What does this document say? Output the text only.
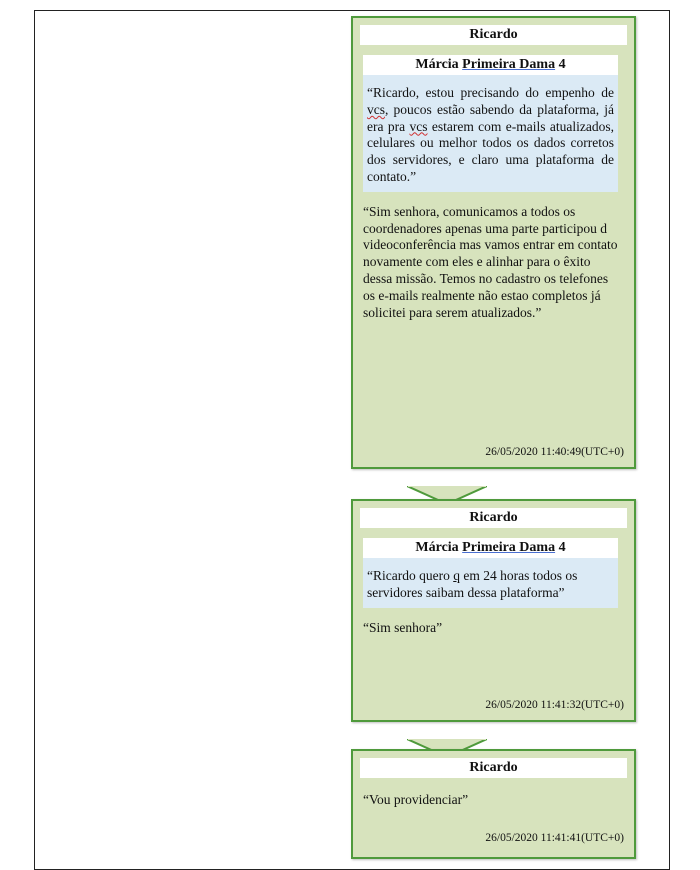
Ricardo
Márcia Primeira Dama 4
“Ricardo, estou precisando do empenho de vcs, poucos estão sabendo da plataforma, já era pra vcs estarem com e-mails atualizados, celulares ou melhor todos os dados corretos dos servidores, e claro uma plataforma de contato.”
“Sim senhora, comunicamos a todos os coordenadores apenas uma parte participou d videoconferência mas vamos entrar em contato novamente com eles e alinhar para o êxito dessa missão. Temos no cadastro os telefones os e-mails realmente não estao completos já solicitei para serem atualizados.”
26/05/2020 11:40:49(UTC+0)
Ricardo
Márcia Primeira Dama 4
“Ricardo quero q em 24 horas todos os servidores saibam dessa plataforma”
“Sim senhora”
26/05/2020 11:41:32(UTC+0)
Ricardo
“Vou providenciar”
26/05/2020 11:41:41(UTC+0)
